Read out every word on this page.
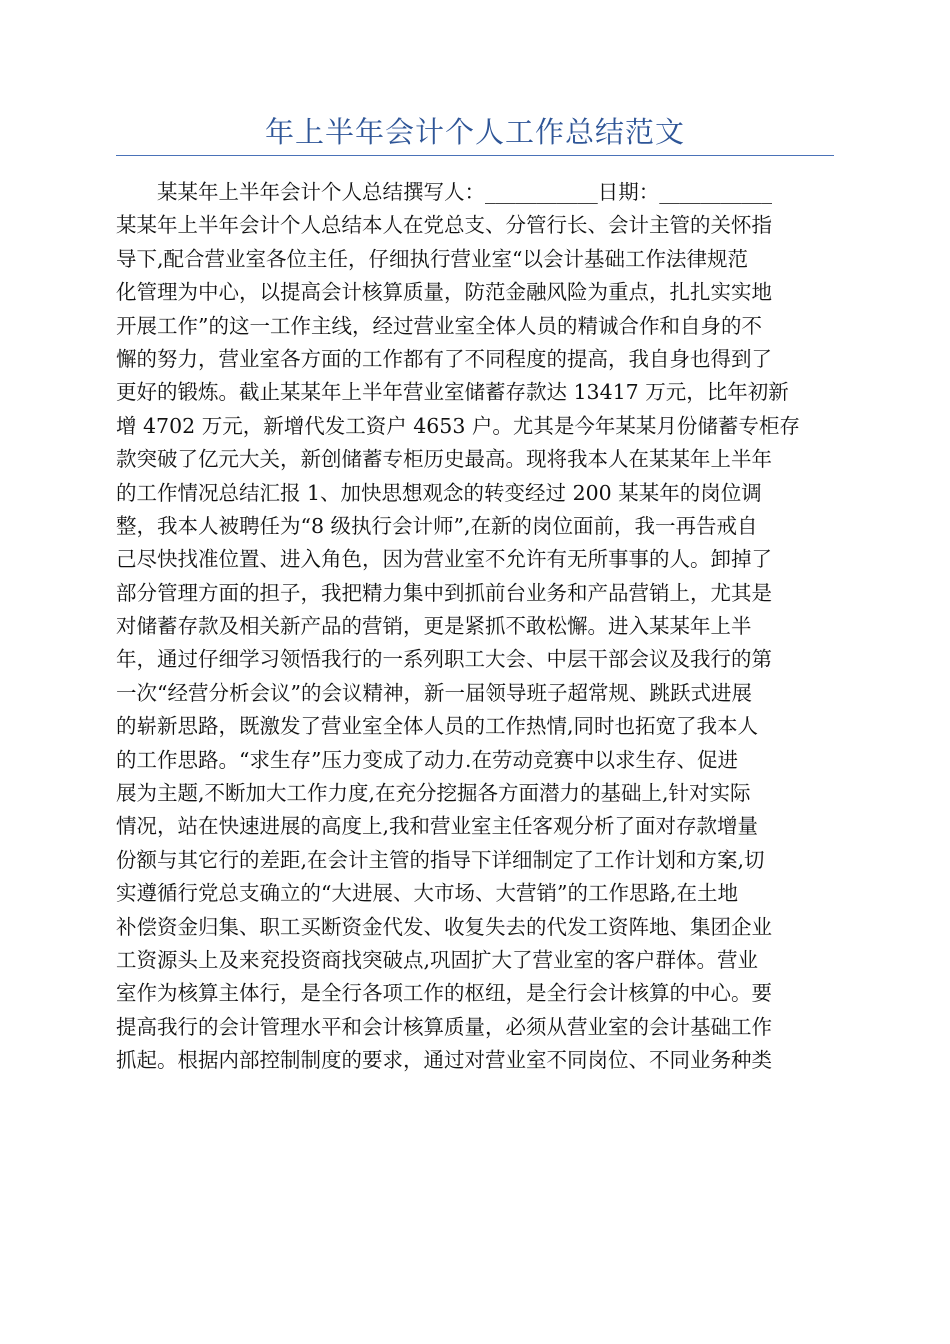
年上半年会计个人工作总结范文
某某年上半年会计个人总结撰写人：___________日期：___________
某某年上半年会计个人总结本人在党总支、分管行长、会计主管的关怀指
导下,配合营业室各位主任，仔细执行营业室“以会计基础工作法律规范
化管理为中心，以提高会计核算质量，防范金融风险为重点，扎扎实实地
开展工作”的这一工作主线，经过营业室全体人员的精诚合作和自身的不
懈的努力，营业室各方面的工作都有了不同程度的提高，我自身也得到了
更好的锻炼。截止某某年上半年营业室储蓄存款达 13417 万元，比年初新
增 4702 万元，新增代发工资户 4653 户。尤其是今年某某月份储蓄专柜存
款突破了亿元大关，新创储蓄专柜历史最高。现将我本人在某某年上半年
的工作情况总结汇报 1、加快思想观念的转变经过 200 某某年的岗位调
整，我本人被聘任为“8 级执行会计师”,在新的岗位面前，我一再告戒自
己尽快找准位置、进入角色，因为营业室不允许有无所事事的人。卸掉了
部分管理方面的担子，我把精力集中到抓前台业务和产品营销上，尤其是
对储蓄存款及相关新产品的营销，更是紧抓不敢松懈。进入某某年上半
年，通过仔细学习领悟我行的一系列职工大会、中层干部会议及我行的第
一次“经营分析会议”的会议精神，新一届领导班子超常规、跳跃式进展
的崭新思路，既激发了营业室全体人员的工作热情,同时也拓宽了我本人
的工作思路。“求生存”压力变成了动力.在劳动竞赛中以求生存、促进
展为主题,不断加大工作力度,在充分挖掘各方面潜力的基础上,针对实际
情况，站在快速进展的高度上,我和营业室主任客观分析了面对存款增量
份额与其它行的差距,在会计主管的指导下详细制定了工作计划和方案,切
实遵循行党总支确立的“大进展、大市场、大营销”的工作思路,在土地
补偿资金归集、职工买断资金代发、收复失去的代发工资阵地、集团企业
工资源头上及来兖投资商找突破点,巩固扩大了营业室的客户群体。营业
室作为核算主体行，是全行各项工作的枢纽，是全行会计核算的中心。要
提高我行的会计管理水平和会计核算质量，必须从营业室的会计基础工作
抓起。根据内部控制制度的要求，通过对营业室不同岗位、不同业务种类
